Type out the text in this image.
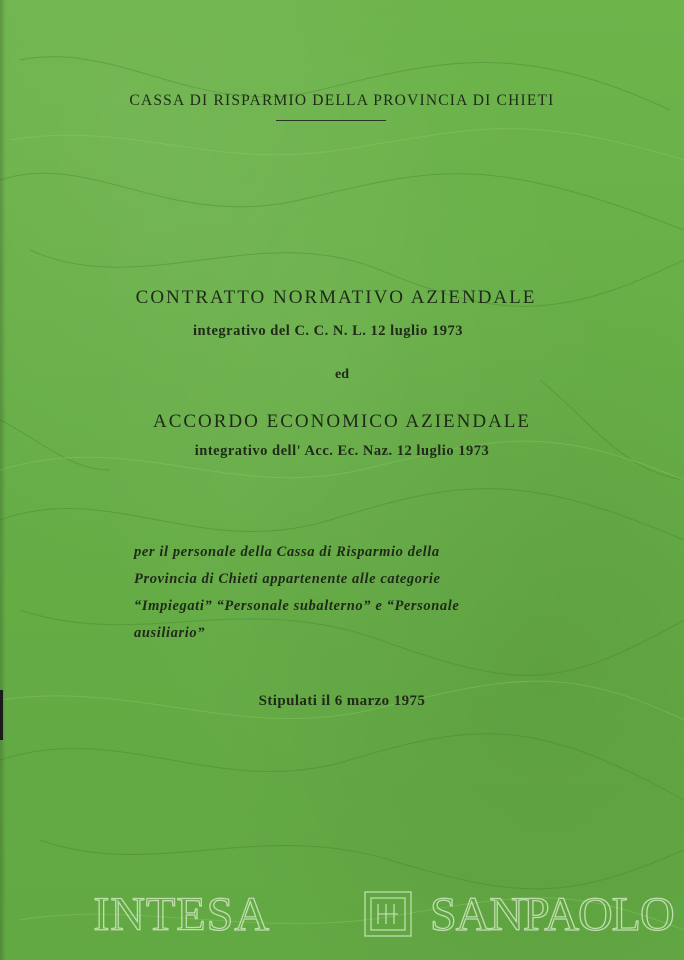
CASSA DI RISPARMIO DELLA PROVINCIA DI CHIETI
CONTRATTO NORMATIVO AZIENDALE
integrativo del C. C. N. L. 12 luglio 1973
ed
ACCORDO ECONOMICO AZIENDALE
integrativo dell' Acc. Ec. Naz. 12 luglio 1973
per il personale della Cassa di Risparmio della
Provincia di Chieti appartenente alle categorie
“Impiegati” “Personale subalterno” e “Personale
ausiliario”
Stipulati il 6 marzo 1975
INTESA	SANPAOLO
